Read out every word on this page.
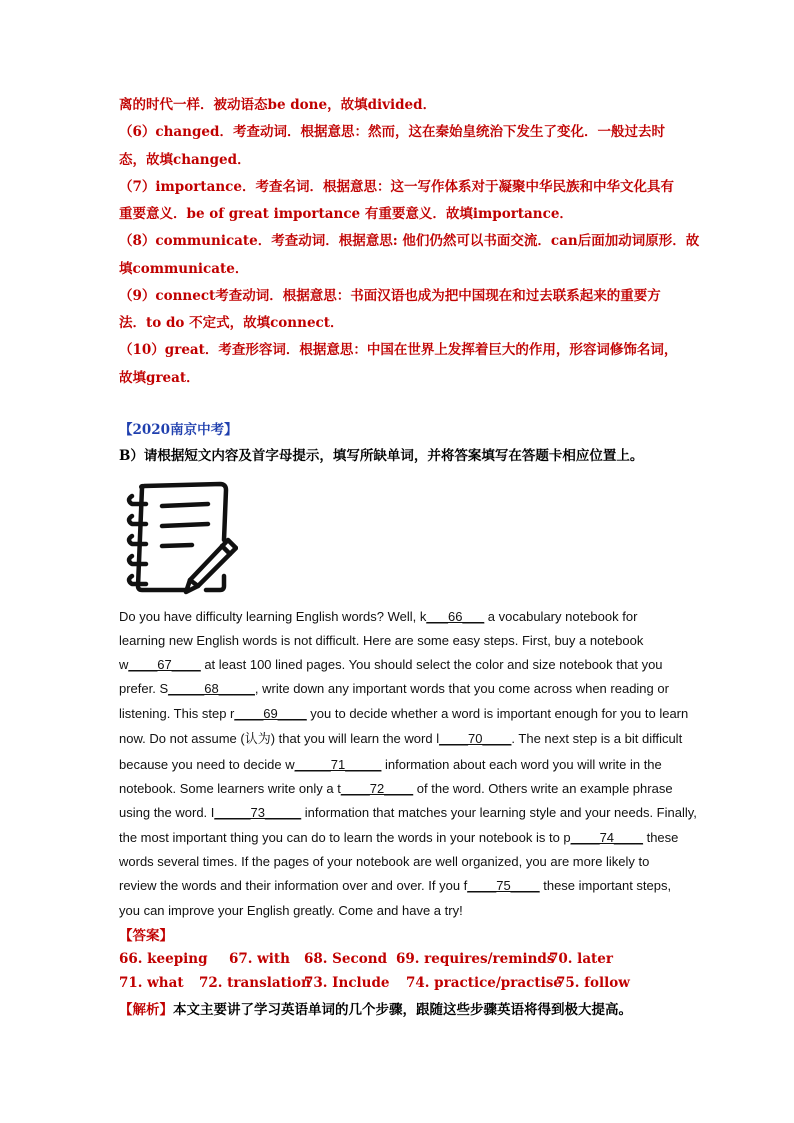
离的时代一样．被动语态be done，故填divided．
（6）changed．考查动词．根据意思：然而，这在秦始皇统治下发生了变化．一般过去时
态，故填changed．
（7）importance．考查名词．根据意思：这一写作体系对于凝聚中华民族和中华文化具有
重要意义．be of great importance 有重要意义．故填importance．
（8）communicate．考查动词．根据意思: 他们仍然可以书面交流．can后面加动词原形．故
填communicate．
（9）connect考查动词．根据意思：书面汉语也成为把中国现在和过去联系起来的重要方
法．to do 不定式，故填connect．
（10）great．考查形容词．根据意思：中国在世界上发挥着巨大的作用，形容词修饰名词，
故填great．
【2020南京中考】
B）请根据短文内容及首字母提示，填写所缺单词，并将答案填写在答题卡相应位置上。
Do you have difficulty learning English words? Well, k___66___ a vocabulary notebook for
learning new English words is not difficult. Here are some easy steps. First, buy a notebook
w____67____ at least 100 lined pages. You should select the color and size notebook that you
prefer. S_____68_____, write down any important words that you come across when reading or
listening. This step r____69____ you to decide whether a word is important enough for you to learn
now. Do not assume (认为) that you will learn the word l____70____. The next step is a bit difficult
because you need to decide w_____71_____ information about each word you will write in the
notebook. Some learners write only a t____72____ of the word. Others write an example phrase
using the word. I_____73_____ information that matches your learning style and your needs. Finally,
the most important thing you can do to learn the words in your notebook is to p____74____ these
words several times. If the pages of your notebook are well organized, you are more likely to
review the words and their information over and over. If you f____75____ these important steps,
you can improve your English greatly. Come and have a try!
【答案】
66. keeping 67. with 68. Second 69. requires/reminds
70. later
71. what 72. translation
73. Include 74. practice/practise
75. follow
【解析】本文主要讲了学习英语单词的几个步骤，跟随这些步骤英语将得到极大提高。
